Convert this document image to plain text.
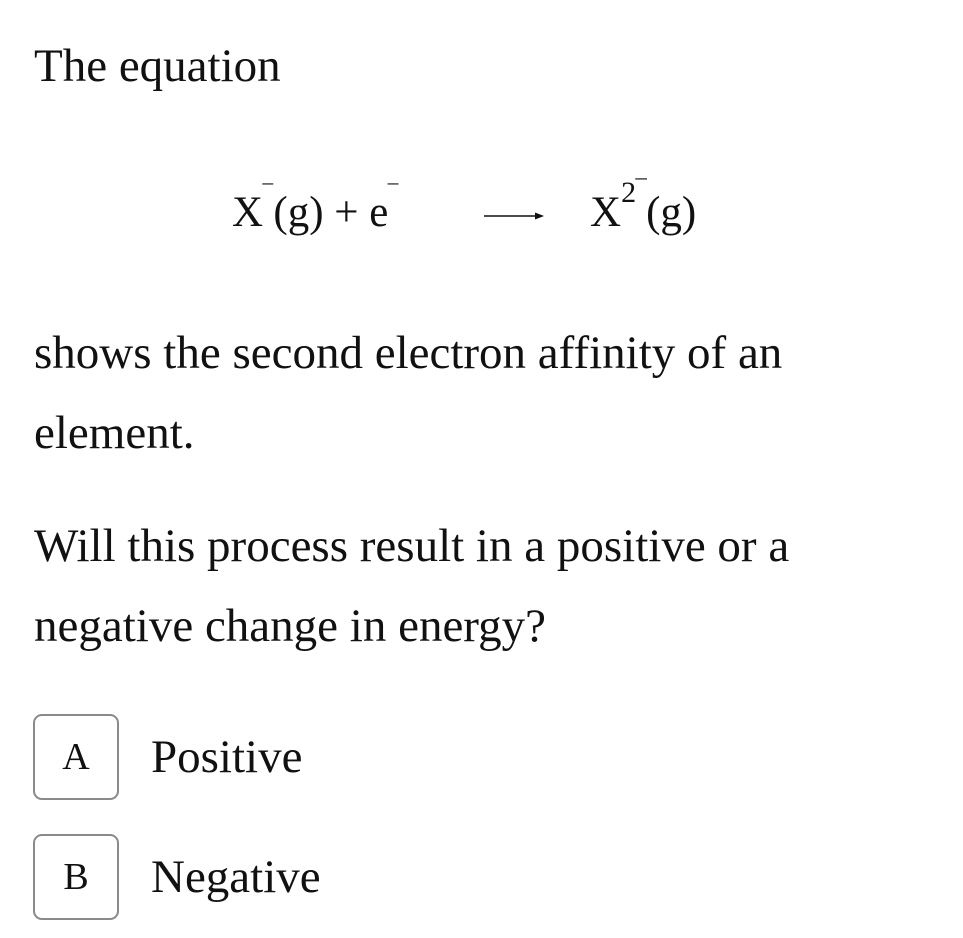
The equation
$X^‾(g) + e^‾ \to X^{2‾}(g)$

shows the second electron affinity of an element.

Will this process result in a positive or a negative change in energy?

A	Positive
B	Negative
